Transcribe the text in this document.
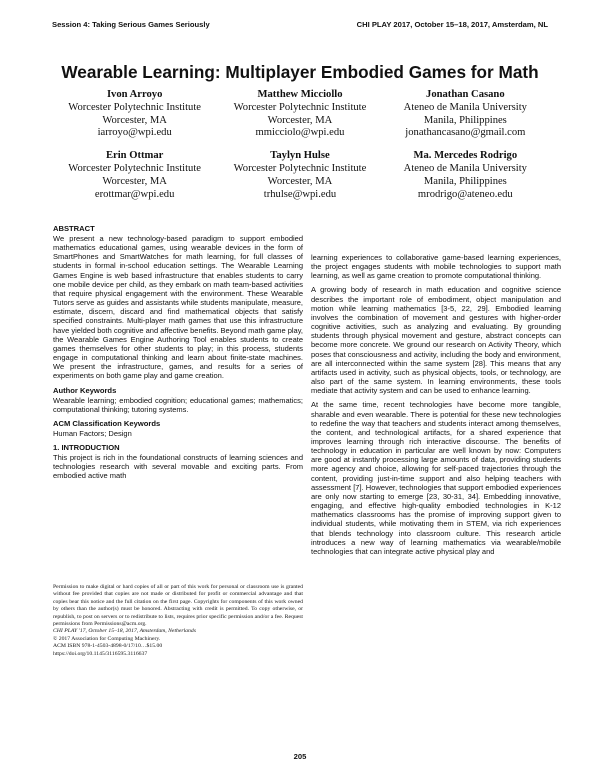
Session 4: Taking Serious Games Seriously	CHI PLAY 2017, October 15–18, 2017, Amsterdam, NL
Wearable Learning: Multiplayer Embodied Games for Math
Ivon Arroyo
Worcester Polytechnic Institute
Worcester, MA
iarroyo@wpi.edu
Matthew Micciollo
Worcester Polytechnic Institute
Worcester, MA
mmicciolo@wpi.edu
Jonathan Casano
Ateneo de Manila University
Manila, Philippines
jonathancasano@gmail.com
Erin Ottmar
Worcester Polytechnic Institute
Worcester, MA
erottmar@wpi.edu
Taylyn Hulse
Worcester Polytechnic Institute
Worcester, MA
trhulse@wpi.edu
Ma. Mercedes Rodrigo
Ateneo de Manila University
Manila, Philippines
mrodrigo@ateneo.edu
ABSTRACT

We present a new technology-based paradigm to support embodied mathematics educational games, using wearable devices in the form of SmartPhones and SmartWatches for math learning, for full classes of students in formal in-school education settings. The Wearable Learning Games Engine is web based infrastructure that enables students to carry one mobile device per child, as they embark on math team-based activities that require physical engagement with the environment. These Wearable Tutors serve as guides and assistants while students manipulate, measure, estimate, discern, discard and find mathematical objects that satisfy specified constraints. Multi-player math games that use this infrastructure have yielded both cognitive and affective benefits. Beyond math game play, the Wearable Games Engine Authoring Tool enables students to create games themselves for other students to play; in this process, students engage in computational thinking and learn about finite-state machines. We present the infrastructure, games, and results for a series of experiments on both game play and game creation.

Author Keywords

Wearable learning; embodied cognition; educational games; mathematics; computational thinking; tutoring systems.

ACM Classification Keywords

Human Factors; Design

1. INTRODUCTION

This project is rich in the foundational constructs of learning sciences and technologies research with several movable and exciting parts. From embodied active math

Permission to make digital or hard copies of all or part of this work for personal or classroom use is granted without fee provided that copies are not made or distributed for profit or commercial advantage and that copies bear this notice and the full citation on the first page. Copyrights for components of this work owned by others than the author(s) must be honored. Abstracting with credit is permitted. To copy otherwise, or republish, to post on servers or to redistribute to lists, requires prior specific permission and/or a fee. Request permissions from Permissions@acm.org.
CHI PLAY '17, October 15–18, 2017, Amsterdam, Netherlands
© 2017 Association for Computing Machinery.
ACM ISBN 978-1-4503-4898-0/17/10…$15.00
https://doi.org/10.1145/3116595.3116637

learning experiences to collaborative game-based learning experiences, the project engages students with mobile technologies to support math learning, as well as game creation to promote computational thinking.

A growing body of research in math education and cognitive science describes the important role of embodiment, object manipulation and motion while learning mathematics [3-5, 22, 29]. Embodied learning involves the combination of movement and gestures with higher-order cognitive activities, such as analyzing and evaluating. By grounding students through physical movement and gesture, abstract concepts can become more concrete. We ground our research on Activity Theory, which poses that consciousness and activity, including the body and environment, are all interconnected within the same system [28]. This means that any artifacts used in activity, such as physical objects, tools, or technology, are also part of the same system. In learning environments, these tools mediate that activity system and can be used to enhance learning.

At the same time, recent technologies have become more tangible, sharable and even wearable. There is potential for these new technologies to redefine the way that teachers and students interact among themselves, the content, and technological artifacts, for a shared experience that improves learning through rich interactive discourse. The benefits of technology in education in particular are well known by now: Computers are good at instantly processing large amounts of data, providing students more agency and choice, allowing for self-paced trajectories through the content, providing just-in-time support and also helping teachers with assessment [7]. However, technologies that support embodied experiences are only now starting to emerge [23, 30-31, 34]. Embedding innovative, engaging, and effective high-quality embodied technologies in K-12 mathematics classrooms has the promise of improving support given to individual students, while motivating them in STEM, via rich experiences that blends technology into classroom culture. This research article introduces a new way of learning mathematics via wearable/mobile technologies that can integrate active physical play and

205
